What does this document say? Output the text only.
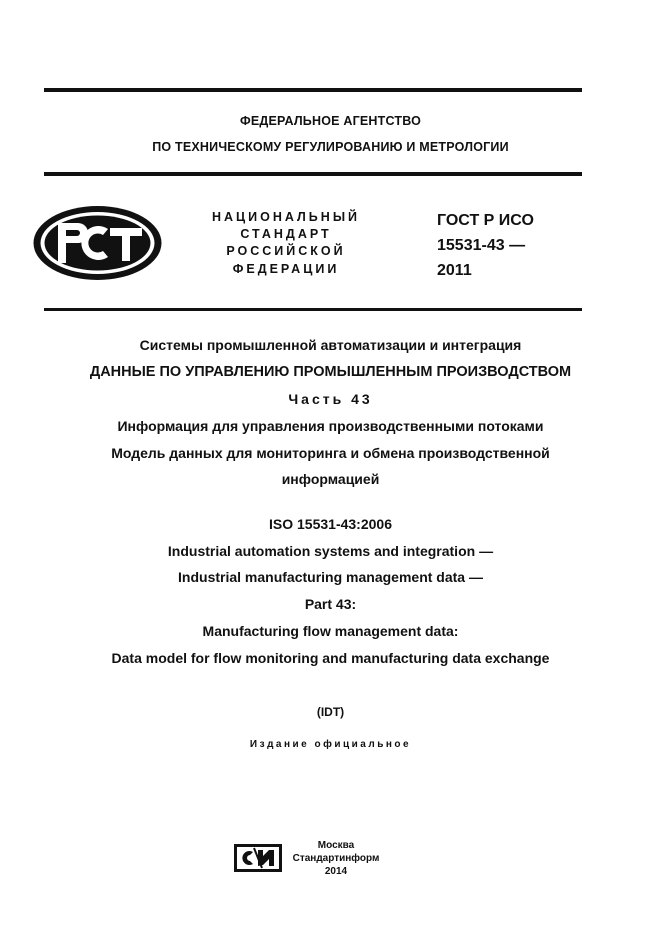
ФЕДЕРАЛЬНОЕ АГЕНТСТВО
ПО ТЕХНИЧЕСКОМУ РЕГУЛИРОВАНИЮ И МЕТРОЛОГИИ
НАЦИОНАЛЬНЫЙ
СТАНДАРТ
РОССИЙСКОЙ
ФЕДЕРАЦИИ
ГОСТ Р ИСО
15531-43 —
2011
Системы промышленной автоматизации и интеграция
ДАННЫЕ ПО УПРАВЛЕНИЮ ПРОМЫШЛЕННЫМ ПРОИЗВОДСТВОМ
Часть 43
Информация для управления производственными потоками
Модель данных для мониторинга и обмена производственной
информацией
ISO 15531-43:2006
Industrial automation systems and integration —
Industrial manufacturing management data —
Part 43:
Manufacturing flow management data:
Data model for flow monitoring and manufacturing data exchange
(IDT)
Издание официальное
Москва
Стандартинформ
2014
